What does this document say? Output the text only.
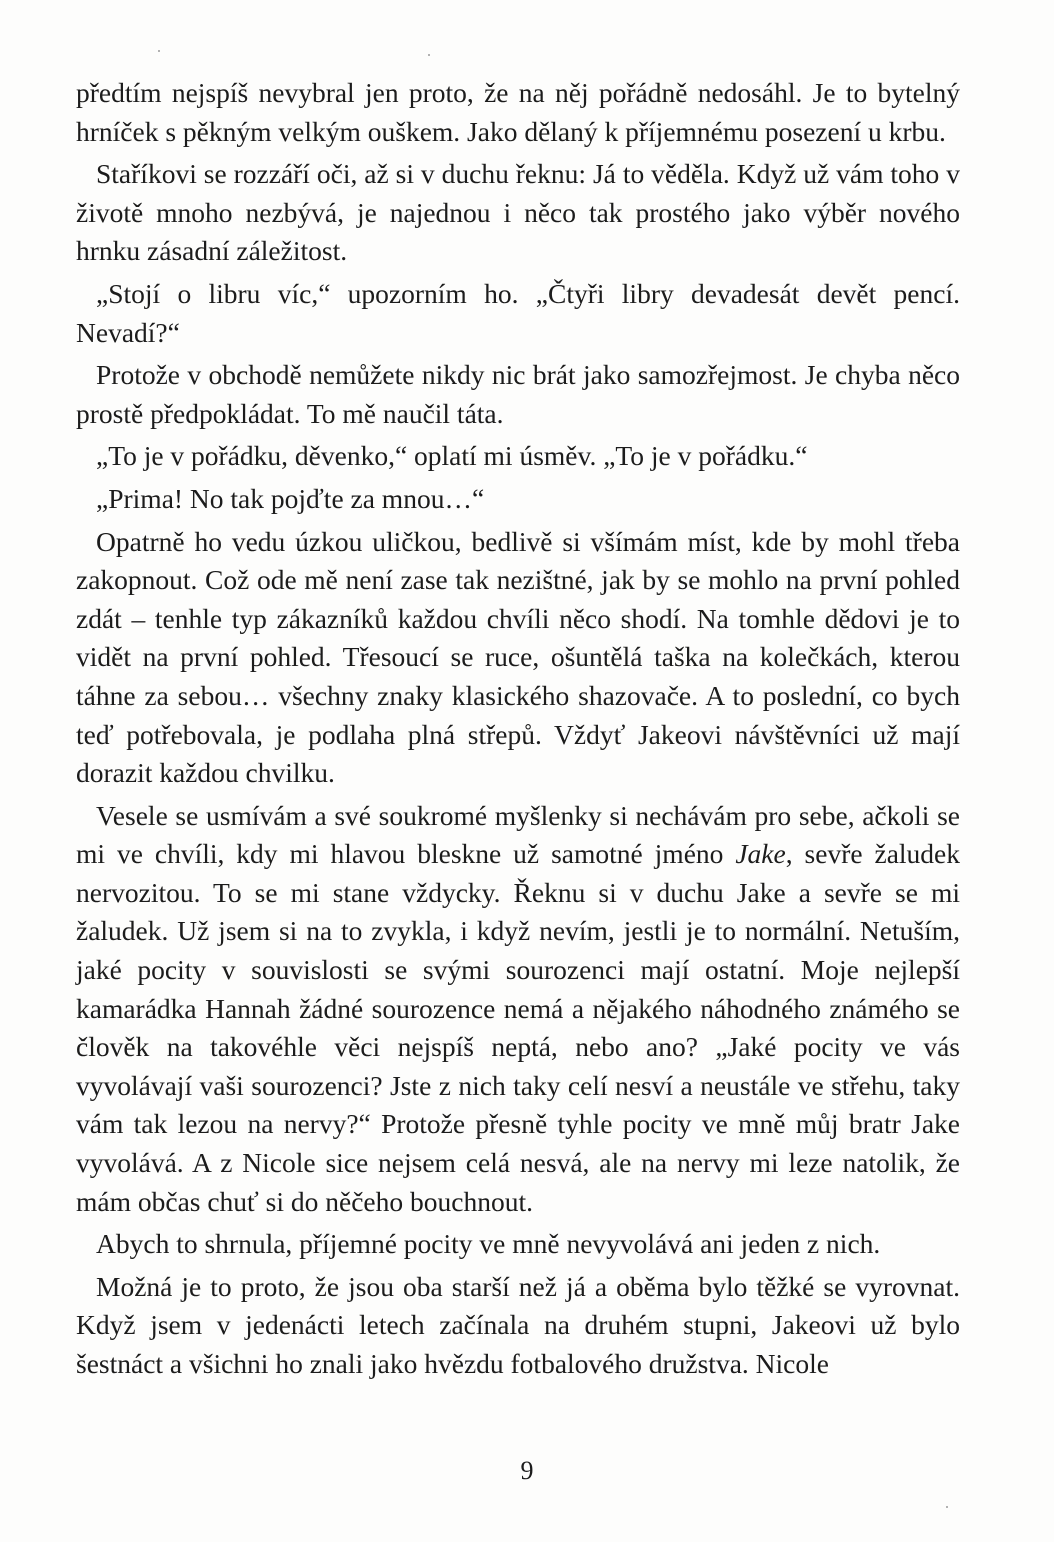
předtím nejspíš nevybral jen proto, že na něj pořádně nedosáhl. Je to bytelný hrníček s pěkným velkým ouškem. Jako dělaný k příjemnému posezení u krbu.

Staříkovi se rozzáří oči, až si v duchu řeknu: Já to věděla. Když už vám toho v životě mnoho nezbývá, je najednou i něco tak prostého jako výběr nového hrnku zásadní záležitost.

„Stojí o libru víc,“ upozorním ho. „Čtyři libry devadesát devět pencí. Nevadí?“

Protože v obchodě nemůžete nikdy nic brát jako samozřejmost. Je chyba něco prostě předpokládat. To mě naučil táta.

„To je v pořádku, děvenko,“ oplatí mi úsměv. „To je v pořádku.“

„Prima! No tak pojďte za mnou…“

Opatrně ho vedu úzkou uličkou, bedlivě si všímám míst, kde by mohl třeba zakopnout. Což ode mě není zase tak nezištné, jak by se mohlo na první pohled zdát – tenhle typ zákazníků každou chvíli něco shodí. Na tomhle dědovi je to vidět na první pohled. Třesoucí se ruce, ošuntělá taška na kolečkách, kterou táhne za sebou… všechny znaky klasického shazovače. A to poslední, co bych teď potřebovala, je podlaha plná střepů. Vždyť Jakeovi návštěvníci už mají dorazit každou chvilku.

Vesele se usmívám a své soukromé myšlenky si nechávám pro sebe, ačkoli se mi ve chvíli, kdy mi hlavou bleskne už samotné jméno Jake, sevře žaludek nervozitou. To se mi stane vždycky. Řeknu si v duchu Jake a sevře se mi žaludek. Už jsem si na to zvykla, i když nevím, jestli je to normální. Netuším, jaké pocity v souvislosti se svými sourozenci mají ostatní. Moje nejlepší kamarádka Hannah žádné sourozence nemá a nějakého náhodného známého se člověk na takovéhle věci nejspíš neptá, nebo ano? „Jaké pocity ve vás vyvolávají vaši sourozenci? Jste z nich taky celí nesví a neustále ve střehu, taky vám tak lezou na nervy?“ Protože přesně tyhle pocity ve mně můj bratr Jake vyvolává. A z Nicole sice nejsem celá nesvá, ale na nervy mi leze natolik, že mám občas chuť si do něčeho bouchnout.

Abych to shrnula, příjemné pocity ve mně nevyvolává ani jeden z nich.

Možná je to proto, že jsou oba starší než já a oběma bylo těžké se vyrovnat. Když jsem v jedenácti letech začínala na druhém stupni, Jakeovi už bylo šestnáct a všichni ho znali jako hvězdu fotbalového družstva. Nicole

9
